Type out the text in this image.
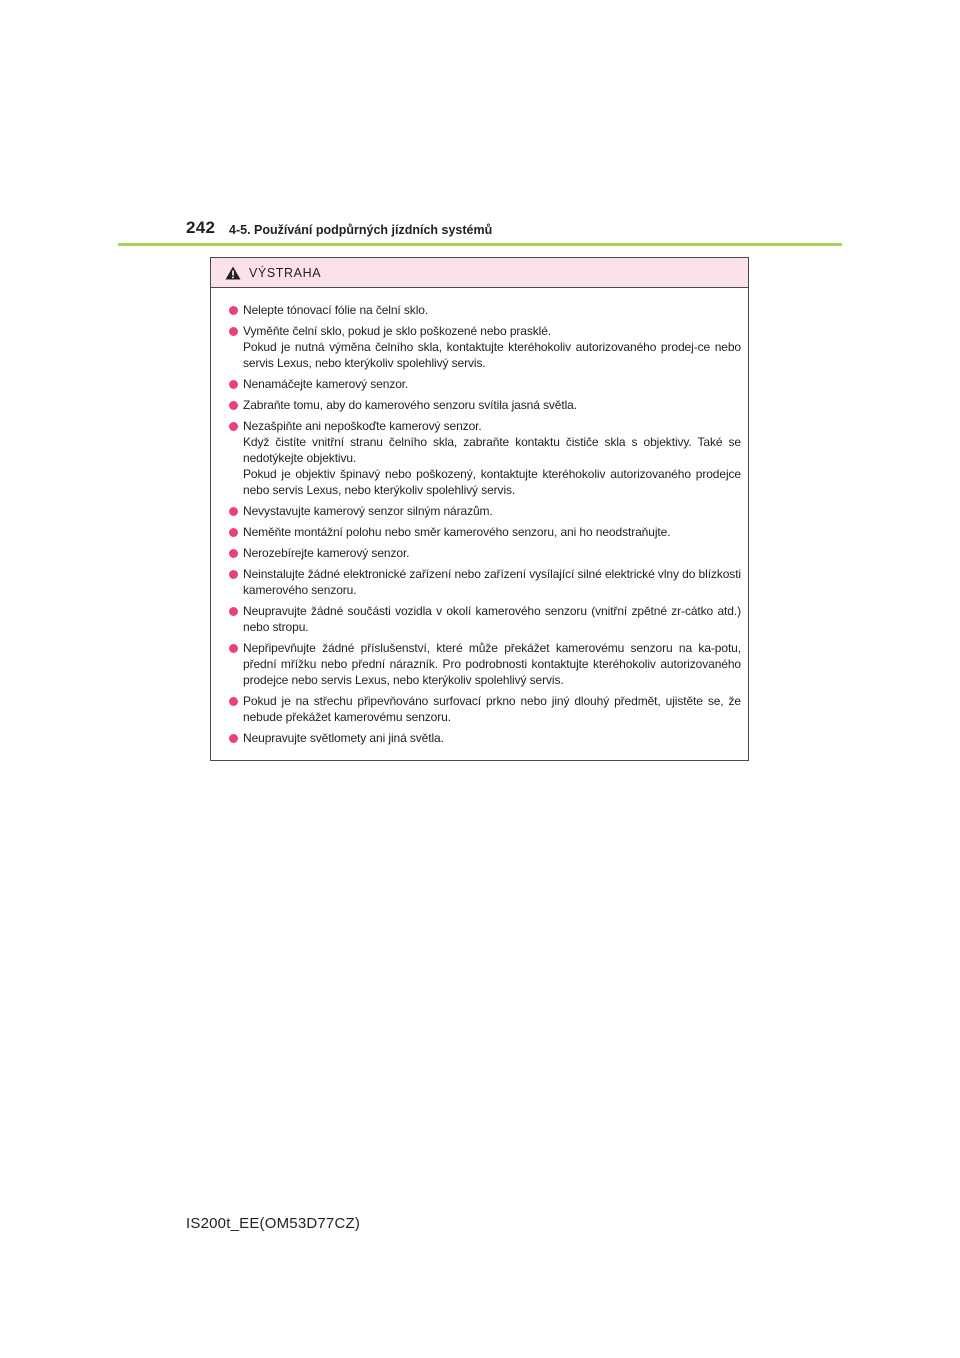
242 4-5. Používání podpůrných jízdních systémů
VÝSTRAHA
Nelepte tónovací fólie na čelní sklo.
Vyměňte čelní sklo, pokud je sklo poškozené nebo prasklé.
Pokud je nutná výměna čelního skla, kontaktujte kteréhokoliv autorizovaného prodej-ce nebo servis Lexus, nebo kterýkoliv spolehlivý servis.
Nenamáčejte kamerový senzor.
Zabraňte tomu, aby do kamerového senzoru svítila jasná světla.
Nezašpiňte ani nepoškoďte kamerový senzor.
Když čistíte vnitřní stranu čelního skla, zabraňte kontaktu čističe skla s objektivy. Také se nedotýkejte objektivu.
Pokud je objektiv špinavý nebo poškozený, kontaktujte kteréhokoliv autorizovaného prodejce nebo servis Lexus, nebo kterýkoliv spolehlivý servis.
Nevystavujte kamerový senzor silným nárazům.
Neměňte montážní polohu nebo směr kamerového senzoru, ani ho neodstraňujte.
Nerozebírejte kamerový senzor.
Neinstalujte žádné elektronické zařízení nebo zařízení vysílající silné elektrické vlny do blízkosti kamerového senzoru.
Neupravujte žádné součásti vozidla v okolí kamerového senzoru (vnitřní zpětné zr-cátko atd.) nebo stropu.
Nepřipevňujte žádné příslušenství, které může překážet kamerovému senzoru na ka-potu, přední mřížku nebo přední nárazník. Pro podrobnosti kontaktujte kteréhokoliv autorizovaného prodejce nebo servis Lexus, nebo kterýkoliv spolehlivý servis.
Pokud je na střechu připevňováno surfovací prkno nebo jiný dlouhý předmět, ujistěte se, že nebude překážet kamerovému senzoru.
Neupravujte světlomety ani jiná světla.
IS200t_EE(OM53D77CZ)
